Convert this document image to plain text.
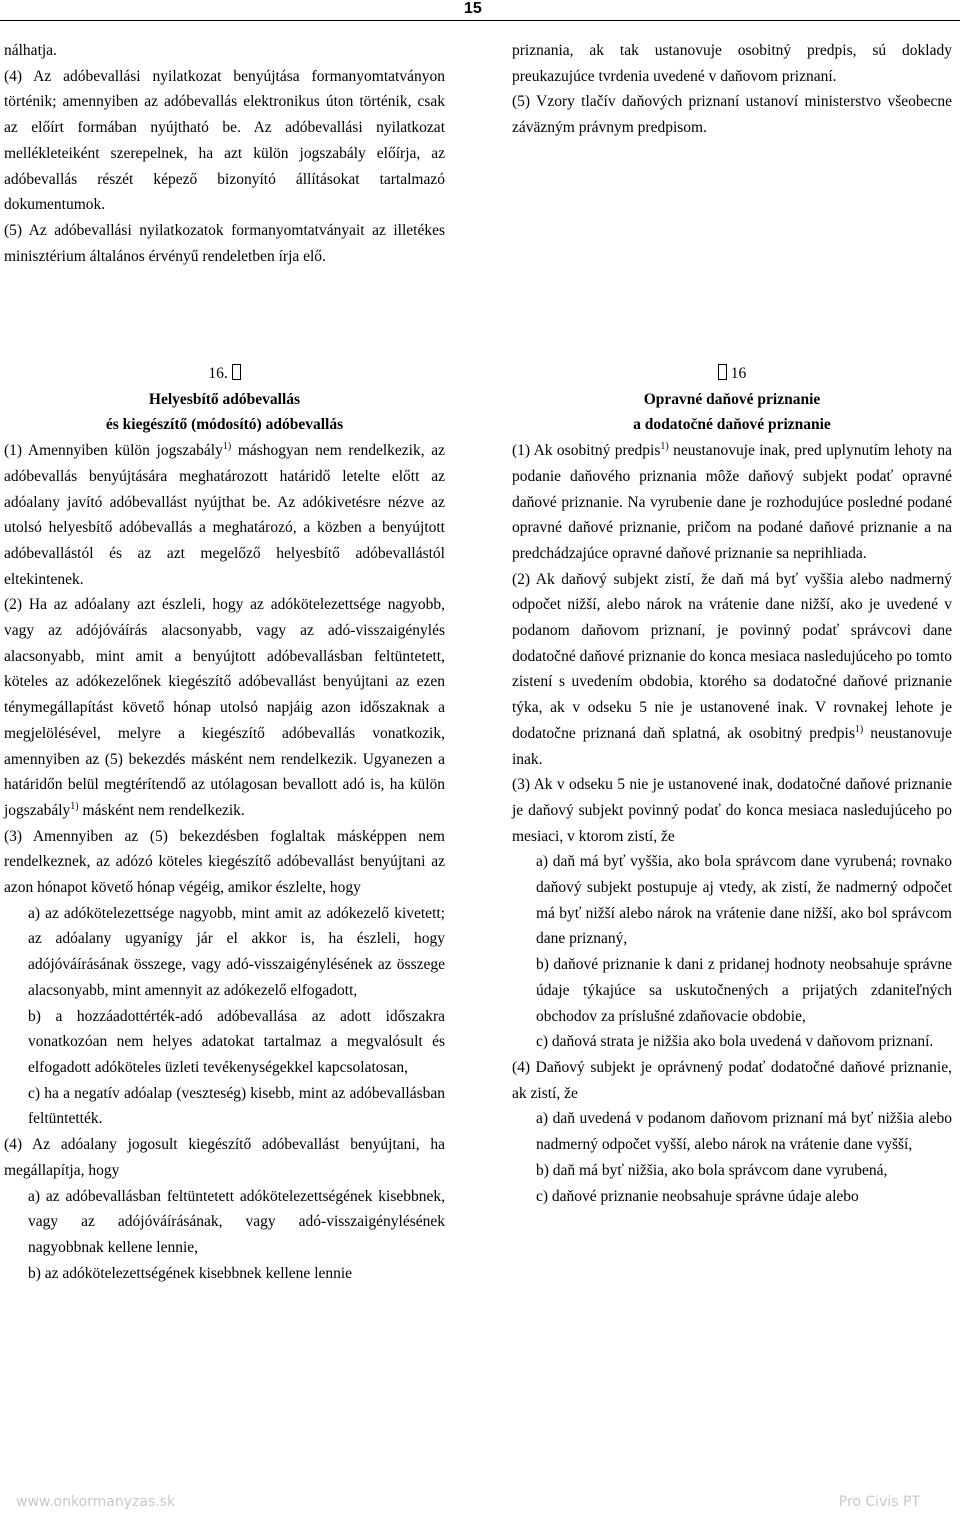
15

nálhatja.

(4) Az adóbevallási nyilatkozat benyújtása formanyomtatványon történik; amennyiben az adóbevallás elektronikus úton történik, csak az előírt formában nyújtható be. Az adóbevallási nyilatkozat mellékleteiként szerepelnek, ha azt külön jogszabály előírja, az adóbevallás részét képező bizonyító állításokat tartalmazó dokumentumok.

(5) Az adóbevallási nyilatkozatok formanyomtatványait az illetékes minisztérium általános érvényű rendeletben írja elő.

priznania, ak tak ustanovuje osobitný predpis, sú doklady preukazujúce tvrdenia uvedené v daňovom priznaní.

(5) Vzory tlačív daňových priznaní ustanoví ministerstvo všeobecne záväzným právnym predpisom.

16.

Helyesbítő adóbevallás

és kiegészítő (módosító) adóbevallás

(1) Amennyiben külön jogszabály$^{1)}$ máshogyan nem rendelkezik, az adóbevallás benyújtására meghatározott határidő letelte előtt az adóalany javító adóbevallást nyújthat be. Az adókivetésre nézve az utolsó helyesbítő adóbevallás a meghatározó, a közben a benyújtott adóbevallástól és az azt megelőző helyesbítő adóbevallástól eltekintenek.

(2) Ha az adóalany azt észleli, hogy az adókötelezettsége nagyobb, vagy az adójóváírás alacsonyabb, vagy az adó-visszaigénylés alacsonyabb, mint amit a benyújtott adóbevallásban feltüntetett, köteles az adókezelőnek kiegészítő adóbevallást benyújtani az ezen ténymegállapítást követő hónap utolsó napjáig azon időszaknak a megjelölésével, melyre a kiegészítő adóbevallás vonatkozik, amennyiben az (5) bekezdés másként nem rendelkezik. Ugyanezen a határidőn belül megtérítendő az utólagosan bevallott adó is, ha külön jogszabály$^{1)}$ másként nem rendelkezik.

(3) Amennyiben az (5) bekezdésben foglaltak másképpen nem rendelkeznek, az adózó köteles kiegészítő adóbevallást benyújtani az azon hónapot követő hónap végéig, amikor észlelte, hogy

a) az adókötelezettsége nagyobb, mint amit az adókezelő kivetett; az adóalany ugyanígy jár el akkor is, ha észleli, hogy adójóváírásának összege, vagy adó-visszaigénylésének az összege alacsonyabb, mint amennyit az adókezelő elfogadott,

b) a hozzáadottérték-adó adóbevallása az adott időszakra vonatkozóan nem helyes adatokat tartalmaz a megvalósult és elfogadott adóköteles üzleti tevékenységekkel kapcsolatosan,

c) ha a negatív adóalap (veszteség) kisebb, mint az adóbevallásban feltüntették.

(4) Az adóalany jogosult kiegészítő adóbevallást benyújtani, ha megállapítja, hogy

a) az adóbevallásban feltüntetett adókötelezettségének kisebbnek, vagy az adójóváírásának, vagy adó-visszaigénylésének nagyobbnak kellene lennie,

b) az adókötelezettségének kisebbnek kellene lennie

16

Opravné daňové priznanie

a dodatočné daňové priznanie

(1) Ak osobitný predpis$^{1)}$ neustanovuje inak, pred uplynutím lehoty na podanie daňového priznania môže daňový subjekt podať opravné daňové priznanie. Na vyrubenie dane je rozhodujúce posledné podané opravné daňové priznanie, pričom na podané daňové priznanie a na predchádzajúce opravné daňové priznanie sa neprihliada.

(2) Ak daňový subjekt zistí, že daň má byť vyššia alebo nadmerný odpočet nižší, alebo nárok na vrátenie dane nižší, ako je uvedené v podanom daňovom priznaní, je povinný podať správcovi dane dodatočné daňové priznanie do konca mesiaca nasledujúceho po tomto zistení s uvedením obdobia, ktorého sa dodatočné daňové priznanie týka, ak v odseku 5 nie je ustanovené inak. V rovnakej lehote je dodatočne priznaná daň splatná, ak osobitný predpis$^{1)}$ neustanovuje inak.

(3) Ak v odseku 5 nie je ustanovené inak, dodatočné daňové priznanie je daňový subjekt povinný podať do konca mesiaca nasledujúceho po mesiaci, v ktorom zistí, že

a) daň má byť vyššia, ako bola správcom dane vyrubená; rovnako daňový subjekt postupuje aj vtedy, ak zistí, že nadmerný odpočet má byť nižší alebo nárok na vrátenie dane nižší, ako bol správcom dane priznaný,

b) daňové priznanie k dani z pridanej hodnoty neobsahuje správne údaje týkajúce sa uskutočnených a prijatých zdaniteľných obchodov za príslušné zdaňovacie obdobie,

c) daňová strata je nižšia ako bola uvedená v daňovom priznaní.

(4) Daňový subjekt je oprávnený podať dodatočné daňové priznanie, ak zistí, že

a) daň uvedená v podanom daňovom priznaní má byť nižšia alebo nadmerný odpočet vyšší, alebo nárok na vrátenie dane vyšší,

b) daň má byť nižšia, ako bola správcom dane vyrubená,

c) daňové priznanie neobsahuje správne údaje alebo

www.onkormanyzas.sk	Pro Civis PT
